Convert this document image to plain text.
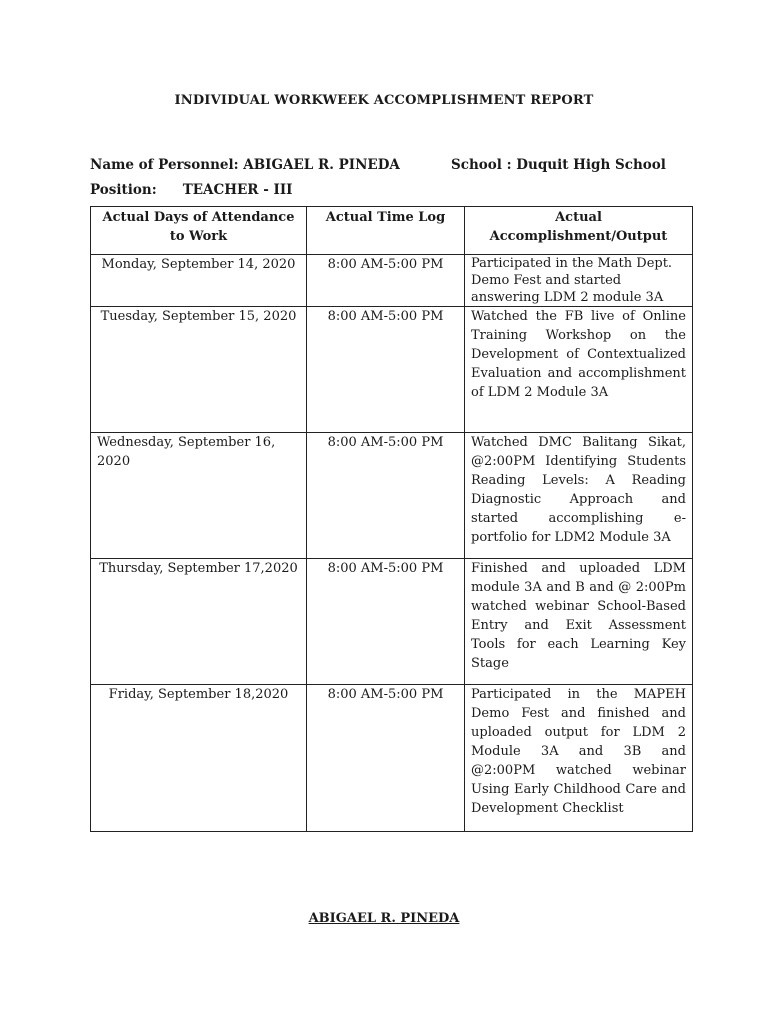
INDIVIDUAL WORKWEEK ACCOMPLISHMENT REPORT
Name of Personnel: ABIGAEL R. PINEDA	School : Duquit High School
Position: TEACHER - III
Actual Days of Attendance to Work	Actual Time Log	Actual Accomplishment/Output
Monday, September 14, 2020	8:00 AM-5:00 PM	Participated in the Math Dept. Demo Fest and started answering LDM 2 module 3A
Tuesday, September 15, 2020	8:00 AM-5:00 PM	Watched the FB live of Online Training Workshop on the Development of Contextualized Evaluation and accomplishment of LDM 2 Module 3A
Wednesday, September 16, 2020	8:00 AM-5:00 PM	Watched DMC Balitang Sikat, @2:00PM Identifying Students Reading Levels: A Reading Diagnostic Approach and started accomplishing e-portfolio for LDM2 Module 3A
Thursday, September 17,2020	8:00 AM-5:00 PM	Finished and uploaded LDM module 3A and B and @ 2:00Pm watched webinar School-Based Entry and Exit Assessment Tools for each Learning Key Stage
Friday, September 18,2020	8:00 AM-5:00 PM	Participated in the MAPEH Demo Fest and finished and uploaded output for LDM 2 Module 3A and 3B and @2:00PM watched webinar Using Early Childhood Care and Development Checklist
ABIGAEL R. PINEDA
